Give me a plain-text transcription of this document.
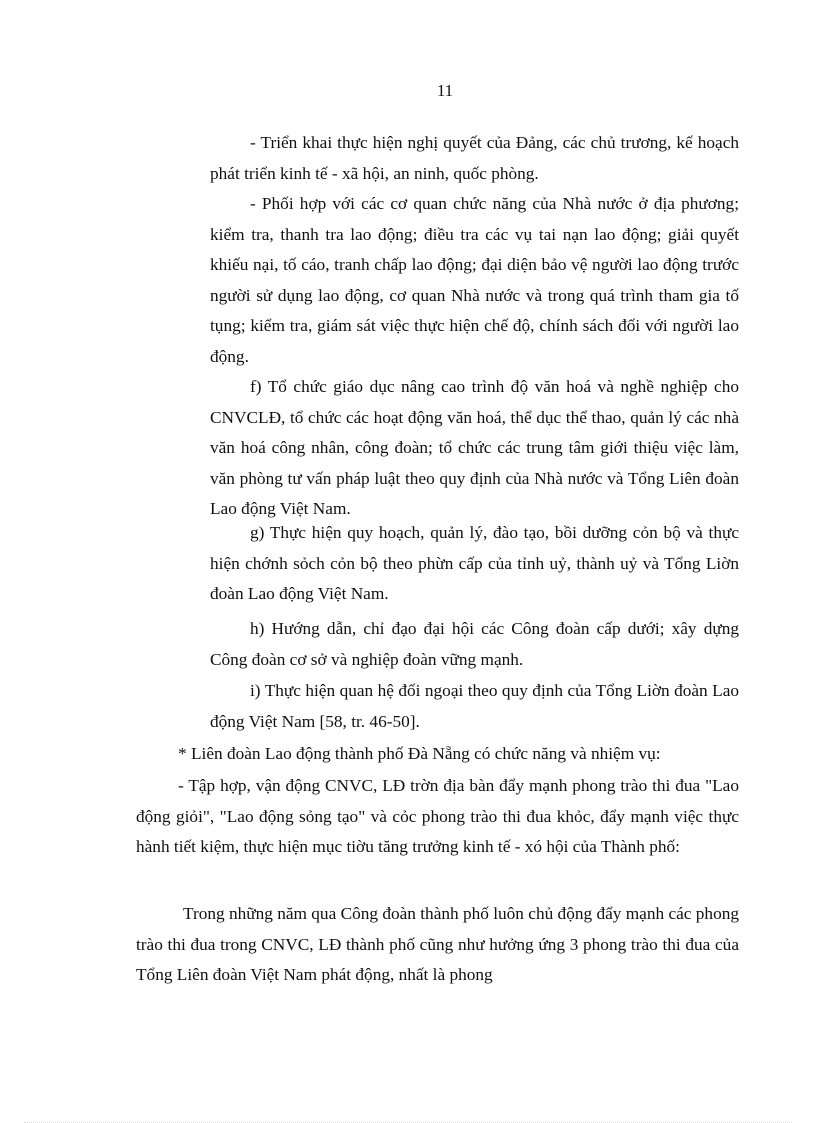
11

- Triển khai thực hiện nghị quyết của Đảng, các chủ trương, kế hoạch phát triển kinh tế - xã hội, an ninh, quốc phòng.

- Phối hợp với các cơ quan chức năng của Nhà nước ở địa phương; kiểm tra, thanh tra lao động; điều tra các vụ tai nạn lao động; giải quyết khiếu nại, tố cáo, tranh chấp lao động; đại diện bảo vệ người lao động trước người sử dụng lao động, cơ quan Nhà nước và trong quá trình tham gia tố tụng; kiểm tra, giám sát việc thực hiện chế độ, chính sách đối với người lao động.

f) Tổ chức giáo dục nâng cao trình độ văn hoá và nghề nghiệp cho CNVCLĐ, tổ chức các hoạt động văn hoá, thể dục thể thao, quản lý các nhà văn hoá công nhân, công đoàn; tổ chức các trung tâm giới thiệu việc làm, văn phòng tư vấn pháp luật theo quy định của Nhà nước và Tổng Liên đoàn Lao động Việt Nam.

g) Thực hiện quy hoạch, quản lý, đào tạo, bồi dưỡng cỏn bộ và thực hiện chớnh sỏch cỏn bộ theo phừn cấp của tỉnh uỷ, thành uỷ và Tổng Liờn đoàn Lao động Việt Nam.

h) Hướng dẫn, chỉ đạo đại hội các Công đoàn cấp dưới; xây dựng Công đoàn cơ sở và nghiệp đoàn vững mạnh.

i) Thực hiện quan hệ đối ngoại theo quy định của Tổng Liờn đoàn Lao động Việt Nam [58, tr. 46-50].

* Liên đoàn Lao động thành phố Đà Nẵng có chức năng và nhiệm vụ:

- Tập hợp, vận động CNVC, LĐ trờn địa bàn đẩy mạnh phong trào thi đua "Lao động giỏi", "Lao động sỏng tạo" và cỏc phong trào thi đua khỏc, đẩy mạnh việc thực hành tiết kiệm, thực hiện mục tiờu tăng trưởng kinh tế - xó hội của Thành phố:

Trong những năm qua Công đoàn thành phố luôn chủ động đẩy mạnh các phong trào thi đua trong CNVC, LĐ thành phố cũng như hưởng ứng 3 phong trào thi đua của Tổng Liên đoàn Việt Nam phát động, nhất là phong
